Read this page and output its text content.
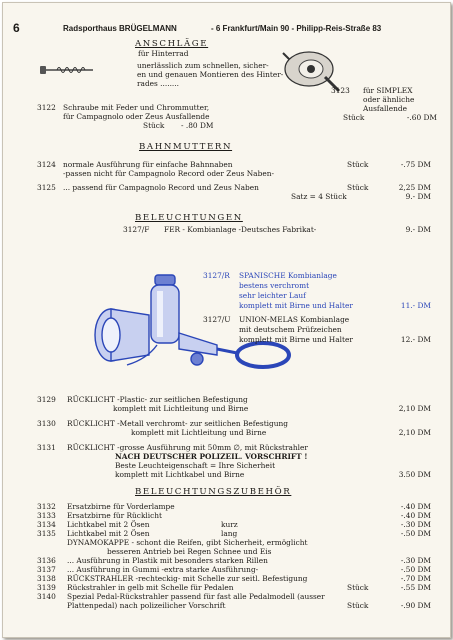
6	Radsporthaus BRÜGELMANN	- 6 Frankfurt/Main 90 - Philipp-Reis-Straße 83
ANSCHLÄGE
für Hinterrad
unerlässlich zum schnellen, sicher-
en und genauen Montieren des Hinter-
rades ........
3123 für SIMPLEX
oder ähnliche
Ausfallende
Stück	-.60 DM
3122 Schraube mit Feder und Chrommutter,
für Campagnolo oder Zeus Ausfallende
Stück - .80 DM
BAHNMUTTERN
3124 normale Ausführung für einfache Bahnnaben
-passen nicht für Campagnolo Record oder Zeus Naben-
Stück	-.75 DM
3125 ... passend für Campagnolo Record und Zeus Naben	Stück	2,25 DM
Satz = 4 Stück	9.- DM
BELEUCHTUNGEN
3127/F FER - Kombianlage -Deutsches Fabrikat-	9.- DM
3127/R SPANISCHE Kombianlage
bestens verchromt
sehr leichter Lauf
komplett mit Birne und Halter	11.- DM
3127/U UNION-MELAS Kombianlage
mit deutschem Prüfzeichen
komplett mit Birne und Halter	12.- DM
3129 RÜCKLICHT -Plastic- zur seitlichen Befestigung
komplett mit Lichtleitung und Birne	2,10 DM
3130 RÜCKLICHT -Metall verchromt- zur seitlichen Befestigung
komplett mit Lichtleitung und Birne	2,10 DM
3131 RÜCKLICHT -grosse Ausführung mit 50mm ∅, mit Rückstrahler
NACH DEUTSCHER POLIZEIL. VORSCHRIFT !
Beste Leuchteigenschaft = Ihre Sicherheit
komplett mit Lichtkabel und Birne	3.50 DM
BELEUCHTUNGSZUBEHÖR
3132 Ersatzbirne für Vorderlampe	-.40 DM
3133 Ersatzbirne für Rücklicht	-.40 DM
3134 Lichtkabel mit 2 Ösen	kurz	-.30 DM
3135 Lichtkabel mit 2 Ösen	lang	-.50 DM
DYNAMOKAPPE - schont die Reifen, gibt Sicherheit, ermöglicht
besseren Antrieb bei Regen Schnee und Eis
3136 ... Ausführung in Plastik mit besonders starken Rillen	-.30 DM
3137 ... Ausführung in Gummi -extra starke Ausführung-	-.50 DM
3138 RÜCKSTRAHLER -rechteckig- mit Schelle zur seitl. Befestigung	-.70 DM
3139 Rückstrahler in gelb mit Schelle für Pedalen	Stück	-.55 DM
3140 Spezial Pedal-Rückstrahler passend für fast alle Pedalmodell (ausser
Plattenpedal) nach polizeilicher Vorschrift	Stück	-.90 DM
